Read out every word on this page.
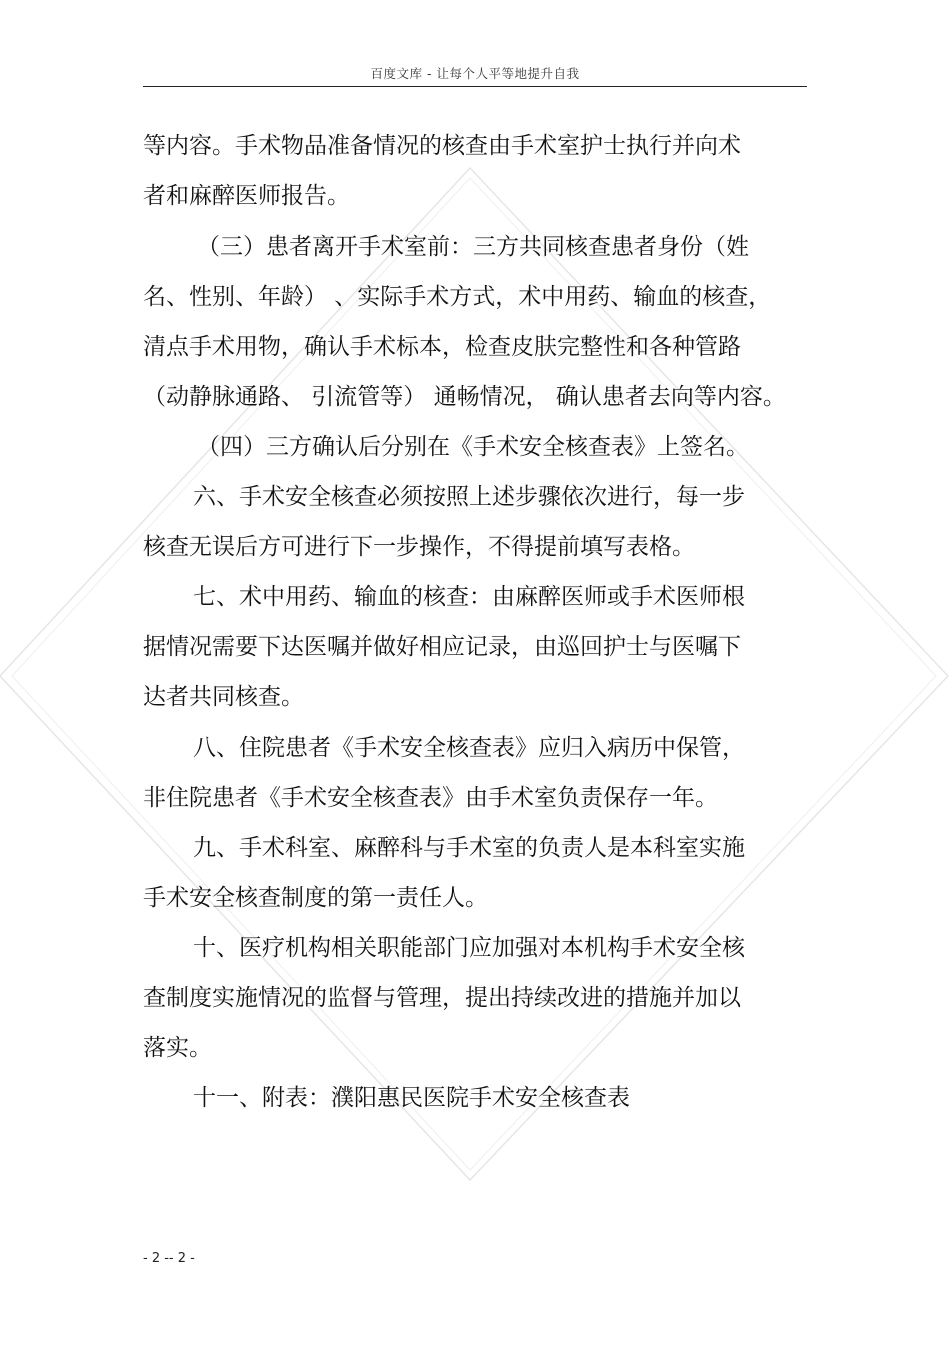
百度文库 - 让每个人平等地提升自我
等内容。手术物品准备情况的核查由手术室护士执行并向术
者和麻醉医师报告。
（三）患者离开手术室前：三方共同核查患者身份（姓
名、性别、年龄） 、实际手术方式，术中用药、输血的核查，
清点手术用物，确认手术标本，检查皮肤完整性和各种管路
（动静脉通路、 引流管等） 通畅情况， 确认患者去向等内容。
（四）三方确认后分别在《手术安全核查表》上签名。
六、手术安全核查必须按照上述步骤依次进行，每一步
核查无误后方可进行下一步操作，不得提前填写表格。
七、术中用药、输血的核查：由麻醉医师或手术医师根
据情况需要下达医嘱并做好相应记录，由巡回护士与医嘱下
达者共同核查。
八、住院患者《手术安全核查表》应归入病历中保管，
非住院患者《手术安全核查表》由手术室负责保存一年。
九、手术科室、麻醉科与手术室的负责人是本科室实施
手术安全核查制度的第一责任人。
十、医疗机构相关职能部门应加强对本机构手术安全核
查制度实施情况的监督与管理，提出持续改进的措施并加以
落实。
十一、附表：濮阳惠民医院手术安全核查表
- 2 -- 2 -
